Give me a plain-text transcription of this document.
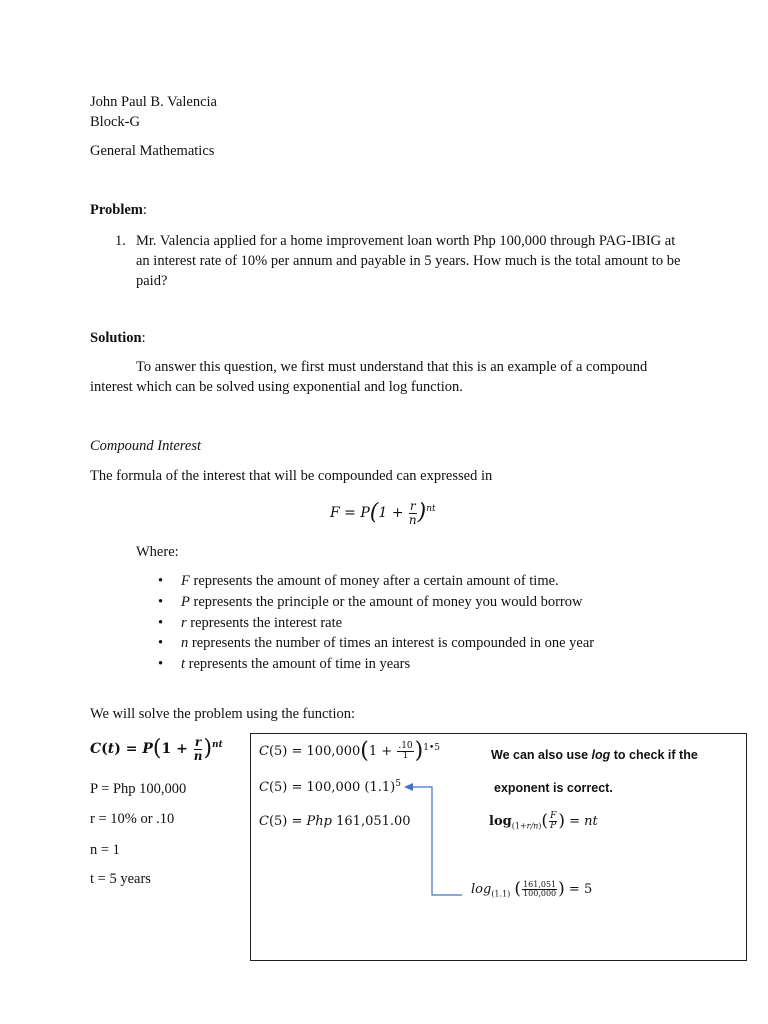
John Paul B. Valencia
Block-G
General Mathematics
Problem:
1. Mr. Valencia applied for a home improvement loan worth Php 100,000 through PAG-IBIG at an interest rate of 10% per annum and payable in 5 years. How much is the total amount to be paid?
Solution:
To answer this question, we first must understand that this is an example of a compound interest which can be solved using exponential and log function.
Compound Interest
The formula of the interest that will be compounded can expressed in
$F = P(1 + \frac{r}{n} )^{nt}$
Where:
• F represents the amount of money after a certain amount of time.
• P represents the principle or the amount of money you would borrow
• r represents the interest rate
• n represents the number of times an interest is compounded in one year
• t represents the amount of time in years
We will solve the problem using the function:
$C(t) = P(1 + \frac{r}{n} )^{nt}$
P = Php 100,000
r = 10% or .10
n = 1
t = 5 years
$C(5) = 100,000(1 + \frac{.10}{1} )^{1•5}$
C(5) = 100,000 $(1.1)^5$
C(5) = Php 161,051.00
We can also use log to check if the
exponent is correct.
$\log_{(1+r/n)}( \frac{F}{P}$ ) = nt
$\log_{(1.1)}$ ( $\frac{161,051}{100,000}$ ) = 5
